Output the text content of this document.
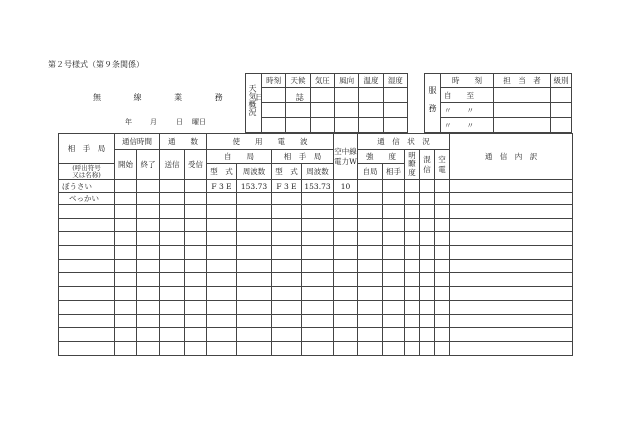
第２号様式（第９条関係）
無 線 業 務 日 誌
年	月	日 曜日
天気概況
	時刻	天候	気圧	風向	温度	湿度

服務
	時　　刻	担　当　者	級別
	自　　 至		
	〃　　 〃		
	〃　　 〃		
相　手　局	通信時間		通　　数		使　　用　　電　　波				空中線電力W	通　信　状　況					通　信　内　訳
	開始	終了	送信	受信	自　　局		相　手　局			強　　度		明瞭度	混信	空電	
(呼出符号
又は名称)					型　式	周波数	型　式	周波数		自局	相手				
ぼうさい					F 3 E	153.73	F 3 E	153.73	10						
べっかい															
